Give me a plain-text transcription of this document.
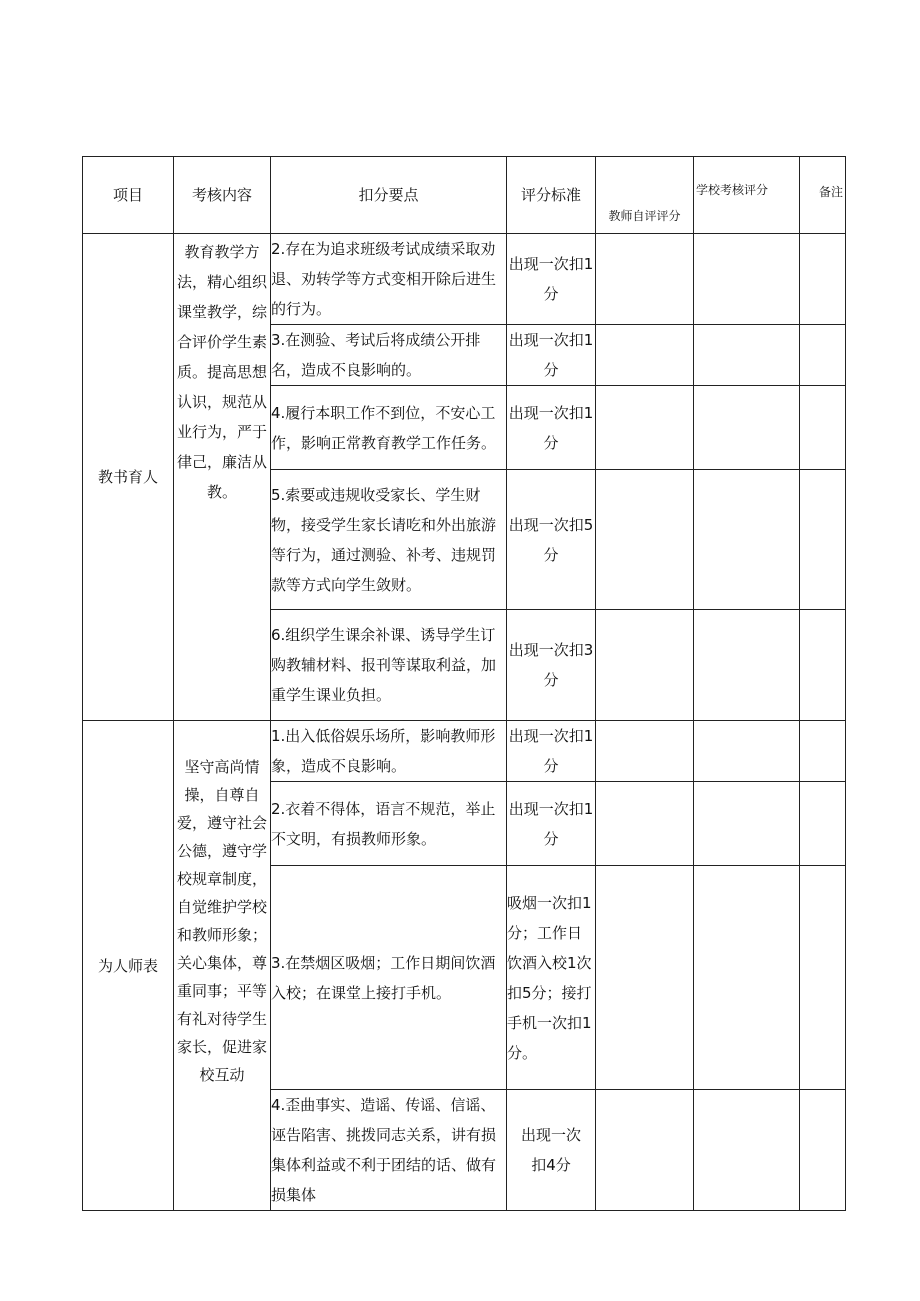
项目	考核内容	扣分要点	评分标准	教师自评评分	学校考核评分	备注
教书育人	教育教学方法，精心组织课堂教学，综合评价学生素质。提高思想认识，规范从业行为，严于律己，廉洁从教。	2.存在为追求班级考试成绩采取劝退、劝转学等方式变相开除后进生的行为。	出现一次扣1分			
		3.在测验、考试后将成绩公开排名，造成不良影响的。	出现一次扣1分			
		4.履行本职工作不到位，不安心工作，影响正常教育教学工作任务。	出现一次扣1分			
		5.索要或违规收受家长、学生财物，接受学生家长请吃和外出旅游等行为，通过测验、补考、违规罚款等方式向学生敛财。	出现一次扣5分			
		6.组织学生课余补课、诱导学生订购教辅材料、报刊等谋取利益，加重学生课业负担。	出现一次扣3分			
为人师表	坚守高尚情操，自尊自爱，遵守社会公德，遵守学校规章制度，自觉维护学校和教师形象；关心集体，尊重同事；平等有礼对待学生家长，促进家校互动	1.出入低俗娱乐场所，影响教师形象，造成不良影响。	出现一次扣1分			
		2.衣着不得体，语言不规范，举止不文明，有损教师形象。	出现一次扣1分			
		3.在禁烟区吸烟；工作日期间饮酒入校；在课堂上接打手机。	吸烟一次扣1分；工作日饮酒入校1次扣5分；接打手机一次扣1分。			
		4.歪曲事实、造谣、传谣、信谣、诬告陷害、挑拨同志关系，讲有损集体利益或不利于团结的话、做有损集体	出现一次扣4分			
